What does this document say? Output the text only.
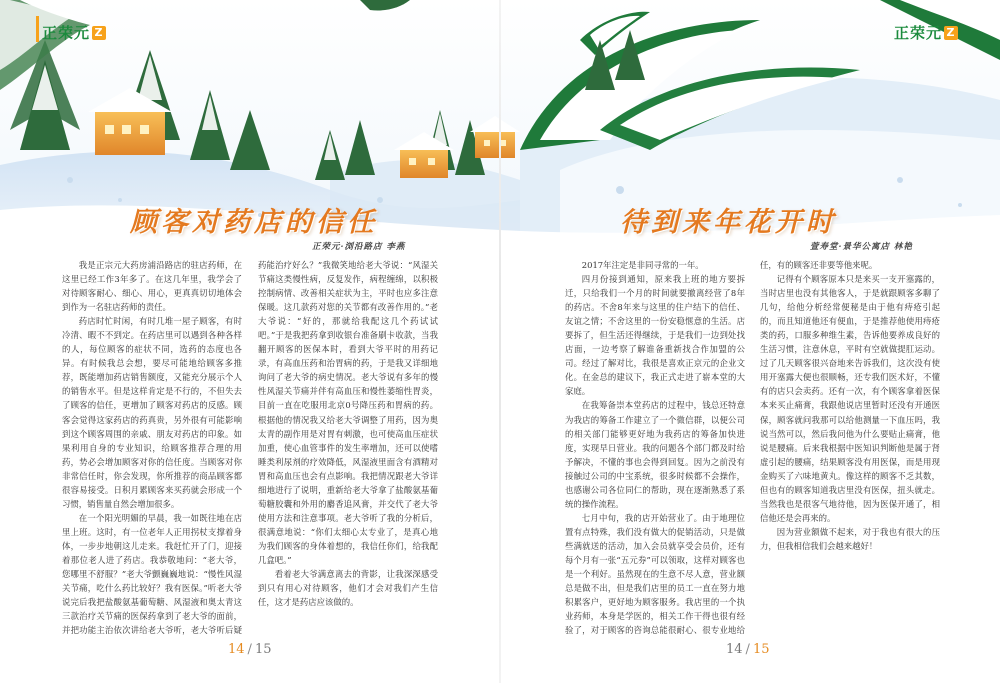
正荣元 Z	正荣元 Z
顾客对药店的信任
正荣元·浏沿路店 李燕

我是正宗元大药房浦沿路店的驻店药师，在这里已经工作3年多了。在这几年里，我学会了对待顾客耐心、细心、用心，更真真切切地体会到作为一名驻店药师的责任。

药店时忙时闲，有时几堆一屋子顾客，有时冷清、暇不不到定。在药店里可以遇到各种各样的人，每位顾客的症状不同，选药的态度也各异。有时候我总会想，要尽可能地给顾客多推荐，既能增加药店销售额度，又能充分展示个人的销售水平。但是这样肯定是不行的，不但失去了顾客的信任，更增加了顾客对药店的反感。顾客会觉得这家药店的药真贵，另外很有可能影响到这个顾客周围的亲戚、朋友对药店的印象。如果利用自身的专业知识，给顾客推荐合理的用药，势必会增加顾客对你的信任度。当顾客对你非常信任时，你会发现，你所推荐的商品顾客都很容易接受。日积月累顾客来买药就会形成一个习惯，销售量自然会增加很多。

在一个阳光明媚的早晨，我一如既往地在店里上班。这时，有一位老年人正用拐杖支撑着身体，一步步地朝这儿走来。我赶忙开了门，迎接着那位老人进了药店。我恭敬地问：“老大爷，您哪里不舒服？”老大爷颤巍巍地说：“慢性风湿关节痛，吃什么药比较好？我有医保。”听老大爷说完后我把盐酸氨基葡萄糖、风湿液和奥太青这三款治疗关节痛的医保药拿到了老大爷的面前，并把功能主治依次讲给老大爷听，老大爷听后疑

药能治疗好么？”我微笑地给老大爷说：“风湿关节痛这类慢性病，反复发作，病程缠绵，以积极控制病情、改善相关症状为主，平时也应多注意保暖。这几款药对您的关节都有改善作用的。”老大爷说：“好的，那就给我配这几个药试试吧。”于是我把药拿到收银台准备刷卡收款，当我翻开顾客的医保本时，看到大爷平时的用药记录，有高血压药和治胃病的药，于是我又详细地询问了老大爷的病史情况。老大爷说有多年的慢性风湿关节痛并伴有高血压和慢性萎缩性胃炎，目前一直在吃服用北京0号降压药和胃病的药。根据他的情况我又给老大爷调整了用药，因为奥太青的副作用是对胃有刺激，也可使高血压症状加重，使心血管事件的发生率增加，还可以使嗜睡类利尿剂的疗效降低，风湿液里面含有酒精对胃和高血压也会有点影响。我把情况跟老大爷详细地进行了说明，重新给老大爷拿了盐酸氨基葡萄糖胶囊和外用的麝香追风膏，并交代了老大爷使用方法和注意事项。老大爷听了我的分析后，很满意地说：“你们太细心太专业了，是真心地为我们顾客的身体着想的，我信任你们，给我配几盒吧。”

看着老大爷满意离去的背影，让我深深感受到只有用心对待顾客，他们才会对我们产生信任，这才是药店应该做的。

14 / 15
待到来年花开时
萱寿堂·景华公寓店 林艳

2017年注定是非同寻常的一年。

四月份接到通知，原来我上班的地方要拆迁，只给我们一个月的时间就要撤离经营了8年的药店。不舍8年来与这里的住户结下的信任、友谊之情；不舍这里的一份安稳惬意的生活。店要拆了，但生活还得继续，于是我们一边到处找店面，一边考察了解谁备重新找合作加盟的公司。经过了解对比，我很是喜欢正京元的企业文化。在金总的建议下，我正式走进了崭本堂的大家庭。

在我筹备崇本堂药店的过程中，钱总还特意为我店的筹备工作建立了一个微信群，以便公司的相关部门能够更好地为我药店的筹备加快进度，实现早日营业。我的问题各个部门都及时给予解决，不懂的事也会得到回复。因为之前没有接触过公司的中宝系统，很多时候都不会操作，也感谢公司各位同仁的帮助，现在逐渐熟悉了系统的操作流程。

七月中旬，我的店开始营业了。由于地理位置有点特殊，我们没有做大的促销活动，只是做些满就送的活动，加入会员就享受会员价，还有每个月有一张“五元券”可以领取，这样对顾客也是一个利好。虽然现在的生意不尽人意，营业额总是做不出，但是我们店里的员工一直在努力地积累客户，更好地为顾客服务。我店里的一个执业药师，本身是学医的，相关工作干得也很有经验了，对于顾客的咨询总能很耐心、很专业地给

任，有的顾客还非要等他来呢。

记得有个顾客原本只是来买一支开塞露的，当时店里也没有其他客人，于是就跟顾客多聊了几句，给他分析经常便秘是由于他有痔疮引起的，而且知道他还有便血，于是推荐他使用痔疮类的药，口服多种维生素，告诉他要养成良好的生活习惯，注意休息，平时有空就做提肛运动。过了几天顾客很兴奋地来告诉我们，这次没有使用开塞露大便也很顺畅，还专我们医术好，不懂有的店只会卖药。还有一次，有个顾客拿着医保本来买止痛膏，我跟他说店里暂时还没有开通医保，顾客就问我那可以给他测量一下血压吗，我说当然可以，然后我问他为什么要贴止痛膏，他说是腰痛。后来我根据中医知识判断他是属于肾虚引起的腰痛，结果顾客没有用医保，而是用现金购买了六味地黄丸。像这样的顾客不乏其数，但也有的顾客知道我店里没有医保，扭头就走。当然我也是很客气地待他，因为医保开通了，相信他还是会再来的。

因为营业额做不起来，对于我也有很大的压力，但我相信我们会越来越好！

14 / 15
